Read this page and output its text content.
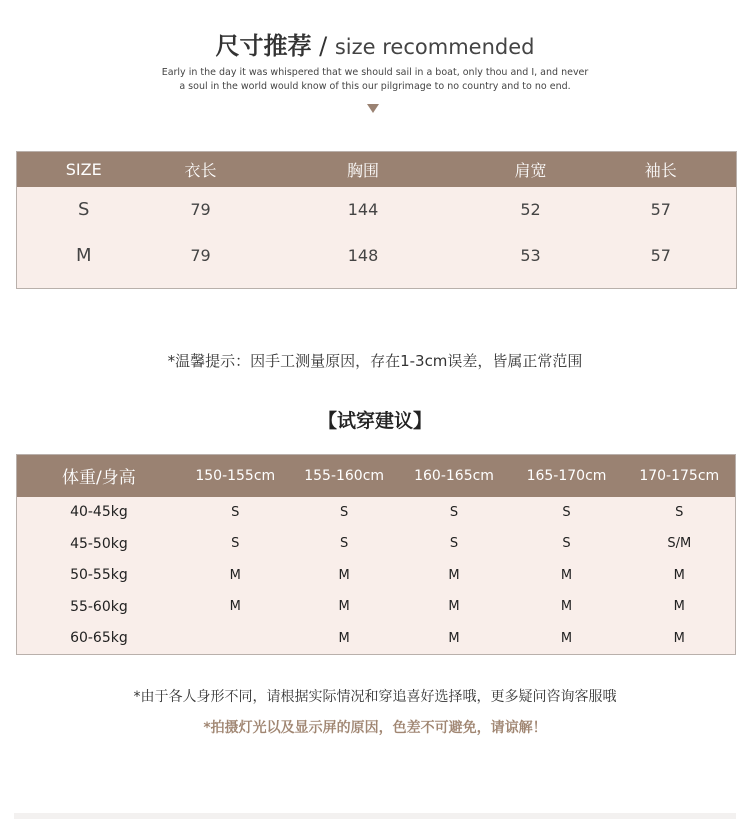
尺寸推荐 / size recommended
Early in the day it was whispered that we should sail in a boat, only thou and I, and never
a soul in the world would know of this our pilgrimage to no country and to no end.
SIZE	衣长	胸围	肩宽	袖长
S	79	144	52	57
M	79	148	53	57

*温馨提示：因手工测量原因，存在1-3cm误差，皆属正常范围
【试穿建议】
体重/身高	150-155cm	155-160cm	160-165cm	165-170cm	170-175cm
40-45kg	S	S	S	S	S
45-50kg	S	S	S	S	S/M
50-55kg	M	M	M	M	M
55-60kg	M	M	M	M	M
60-65kg		M	M	M	M
*由于各人身形不同，请根据实际情况和穿追喜好选择哦，更多疑问咨询客服哦
*拍摄灯光以及显示屏的原因，色差不可避免，请谅解！
